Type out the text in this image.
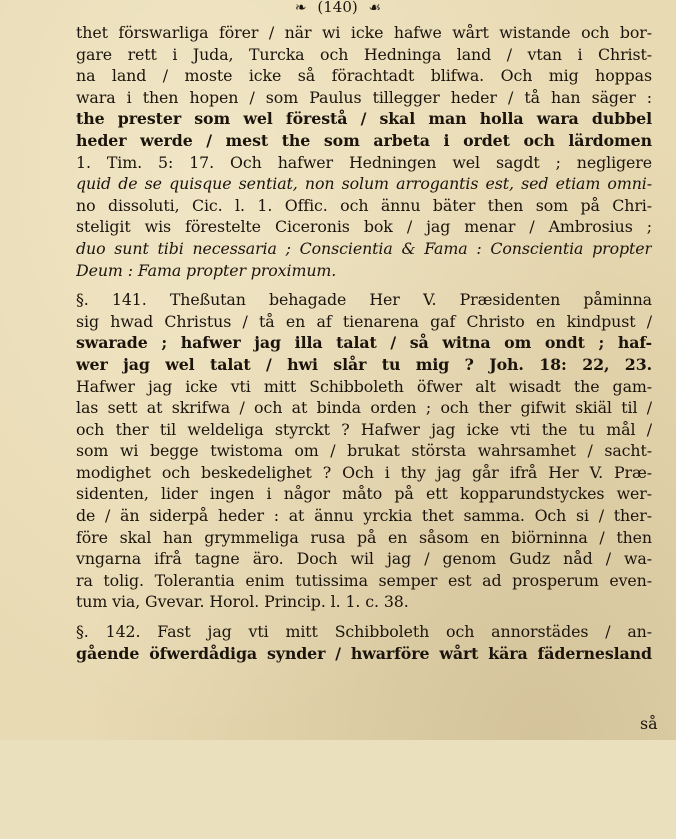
❧ (140) ☙
thet förswarliga förer / när wi icke hafwe wårt wistande och bor-
gare rett i Juda, Turcka och Hedninga land / vtan i Christ-
na land / moste icke så förachtadt blifwa. Och mig hoppas
wara i then hopen / som Paulus tillegger heder / tå han säger :
the prester som wel förestå / skal man holla wara dubbel
heder werde / mest the som arbeta i ordet och lärdomen
1. Tim. 5: 17. Och hafwer Hedningen wel sagdt ; negligere
quid de se quisque sentiat, non solum arrogantis est, sed etiam omni-
no dissoluti, Cic. l. 1. Offic. och ännu bäter then som på Chri-
steligit wis förestelte Ciceronis bok / jag menar / Ambrosius ;
duo sunt tibi necessaria ; Conscientia & Fama : Conscientia propter
Deum : Fama propter proximum.
§. 141. Theßutan behagade Her V. Præsidenten påminna
sig hwad Christus / tå en af tienarena gaf Christo en kindpust /
swarade ; hafwer jag illa talat / så witna om ondt ; haf-
wer jag wel talat / hwi slår tu mig ? Joh. 18: 22, 23.
Hafwer jag icke vti mitt Schibboleth öfwer alt wisadt the gam-
las sett at skrifwa / och at binda orden ; och ther gifwit skiäl til /
och ther til weldeliga styrckt ? Hafwer jag icke vti the tu mål /
som wi begge twistoma om / brukat största wahrsamhet / sacht-
modighet och beskedelighet ? Och i thy jag går ifrå Her V. Præ-
sidenten, lider ingen i någor måto på ett kopparundstyckes wer-
de / än siderpå heder : at ännu yrckia thet samma. Och si / ther-
före skal han grymmeliga rusa på en såsom en biörninna / then
vngarna ifrå tagne äro. Doch wil jag / genom Gudz nåd / wa-
ra tolig. Tolerantia enim tutissima semper est ad prosperum even-
tum via, Gvevar. Horol. Princip. l. 1. c. 38.
§. 142. Fast jag vti mitt Schibboleth och annorstädes / an-
gående öfwerdådiga synder / hwarföre wårt kära fädernesland
så
